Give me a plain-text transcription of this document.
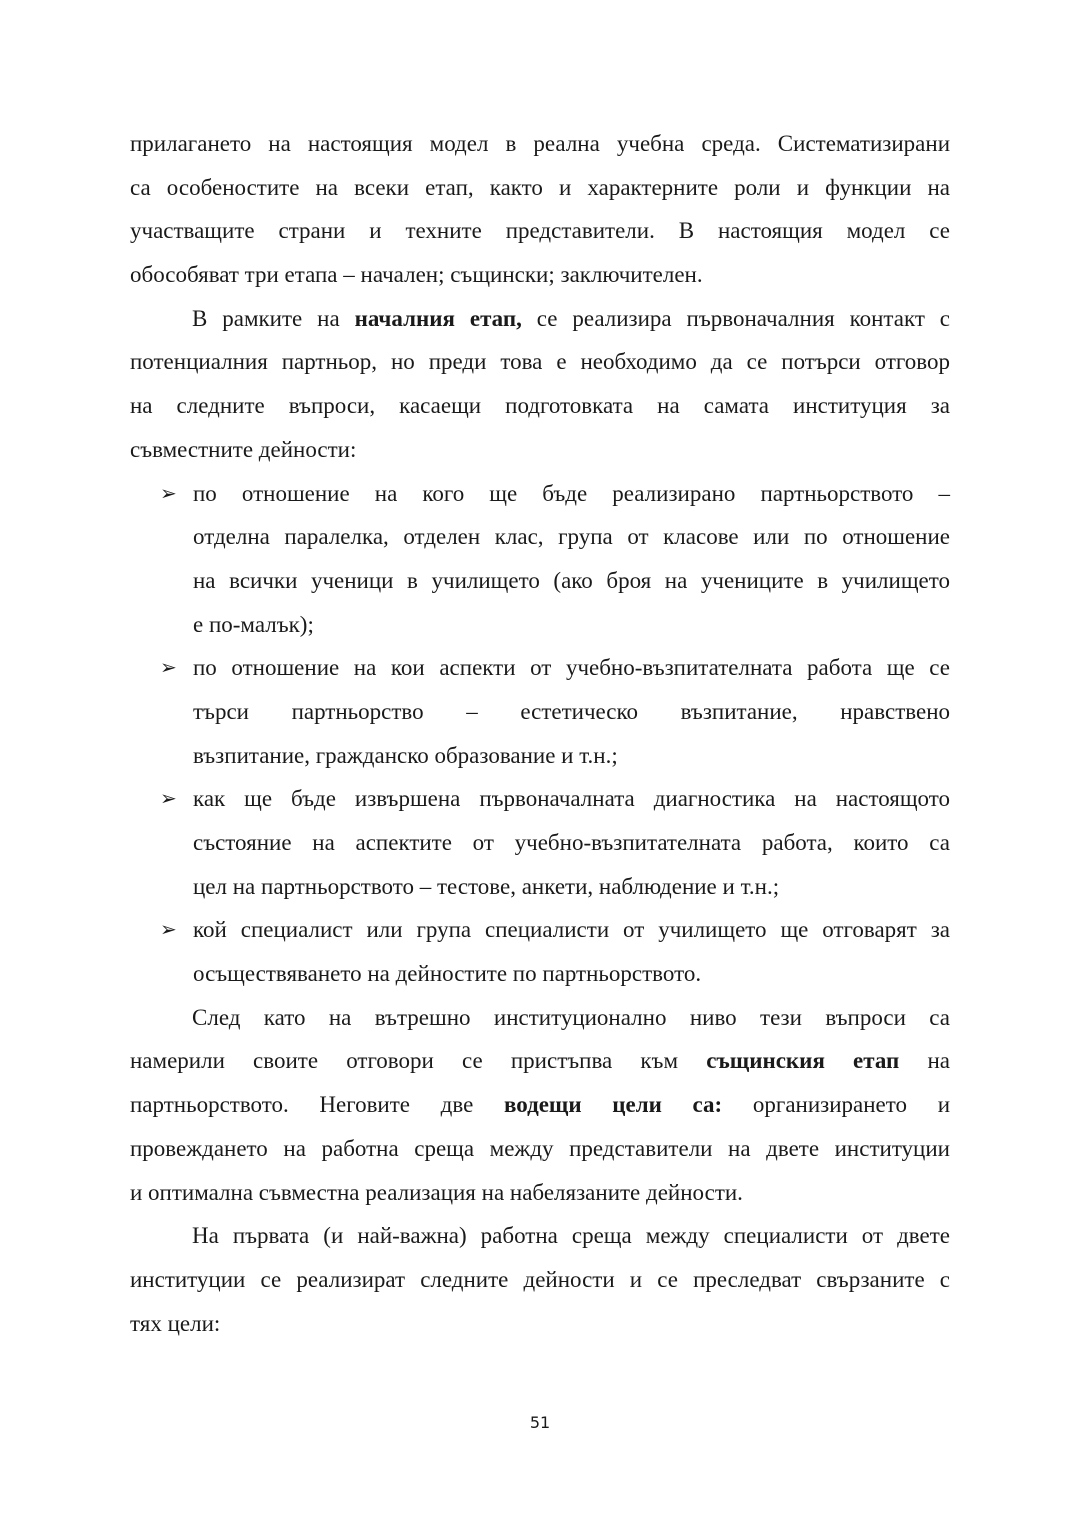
прилагането на настоящия модел в реална учебна среда. Систематизирани
са особеностите на всеки етап, както и характерните роли и функции на
участващите страни и техните представители. В настоящия модел се
обособяват три етапа – начален; същински; заключителен.
В рамките на началния етап, се реализира първоначалния контакт с
потенциалния партньор, но преди това е необходимо да се потърси отговор
на следните въпроси, касаещи подготовката на самата институция за
съвместните дейности:
➢ по отношение на кого ще бъде реализирано партньорството –
отделна паралелка, отделен клас, група от класове или по отношение
на всички ученици в училището (ако броя на учениците в училището
е по-малък);
➢ по отношение на кои аспекти от учебно-възпитателната работа ще се
търси партньорство – естетическо възпитание, нравствено
възпитание, гражданско образование и т.н.;
➢ как ще бъде извършена първоначалната диагностика на настоящото
състояние на аспектите от учебно-възпитателната работа, които са
цел на партньорството – тестове, анкети, наблюдение и т.н.;
➢ кой специалист или група специалисти от училището ще отговарят за
осъществяването на дейностите по партньорството.
След като на вътрешно институционално ниво тези въпроси са
намерили своите отговори се пристъпва към същинския етап на
партньорството. Неговите две водещи цели са: организирането и
провеждането на работна среща между представители на двете институции
и оптимална съвместна реализация на набелязаните дейности.
На първата (и най-важна) работна среща между специалисти от двете
институции се реализират следните дейности и се преследват свързаните с
тях цели:
51
